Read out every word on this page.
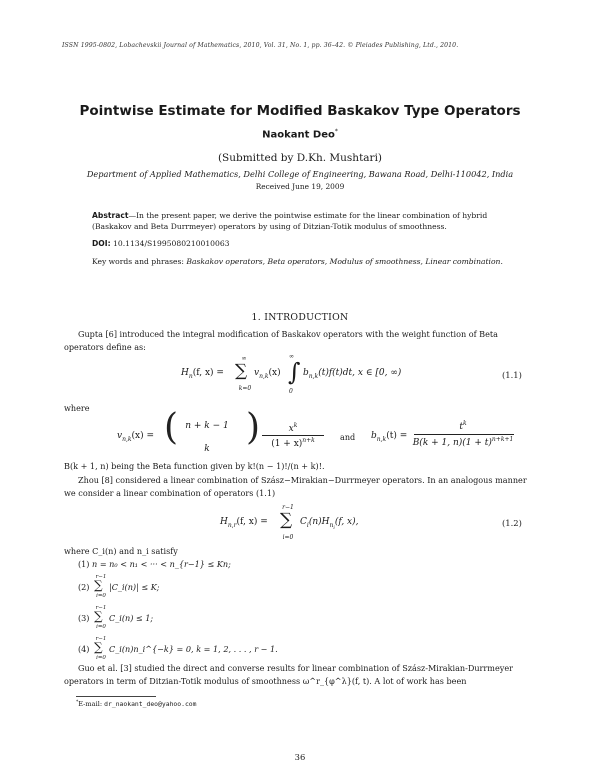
ISSN 1995-0802, Lobachevskii Journal of Mathematics, 2010, Vol. 31, No. 1, pp. 36–42. © Pleiades Publishing, Ltd., 2010.
Pointwise Estimate for Modified Baskakov Type Operators
Naokant Deo*
(Submitted by D.Kh. Mushtari)
Department of Applied Mathematics, Delhi College of Engineering, Bawana Road, Delhi-110042, India
Received June 19, 2009
Abstract—In the present paper, we derive the pointwise estimate for the linear combination of hybrid (Baskakov and Beta Durrmeyer) operators by using of Ditzian-Totik modulus of smoothness.
DOI: 10.1134/S1995080210010063
Key words and phrases: Baskakov operators, Beta operators, Modulus of smoothness, Linear combination.
1. INTRODUCTION
Gupta [6] introduced the integral modification of Baskakov operators with the weight function of Beta operators define as:
$H_n(f$, x) =
∞
∑
k=0
$v_{n,k}(x)$
∞
∫
0
$b_{n,k}(t)f(t)dt$, x ∈ [0, ∞)	(1.1)
where
$v_{n,k}(x)$ = ( n + k − 1
k
)	$x^k$
$(1 + x)^{n+k}$	and $b_{n,k}(t)$ =
$t^k$
B(k + 1, $n)(1 + t)^{n+k+1}$
B(k + 1, n) being the Beta function given by k!(n − 1)!/(n + k)!.
Zhou [8] considered a linear combination of Szász−Mirakian−Durrmeyer operators. In an analogous manner we consider a linear combination of operators (1.1)
$H_{n,r}(f$, x) =
r−1
∑
i=0
$C_i(n)H_{n_i}(f$, x),	(1.2)
where C_i(n) and n_i satisfy
(1) n = n₀ < n₁ < ··· < n_{r−1} ≤ Kn;
(2)
r−1
∑
i=0
|C_i(n)| ≤ K;
(3)
r−1
∑
i=0
C_i(n) ≤ 1;
(4)
r−1
∑
i=0
C_i(n)n_i^{−k} = 0, k = 1, 2, . . . , r − 1.
Guo et al. [3] studied the direct and converse results for linear combination of Szász-Mirakian-Durrmeyer operators in term of Ditzian-Totik modulus of smoothness ω^r_{φ^λ}(f, t). A lot of work has been
*E-mail: dr_naokant_deo@yahoo.com
36
